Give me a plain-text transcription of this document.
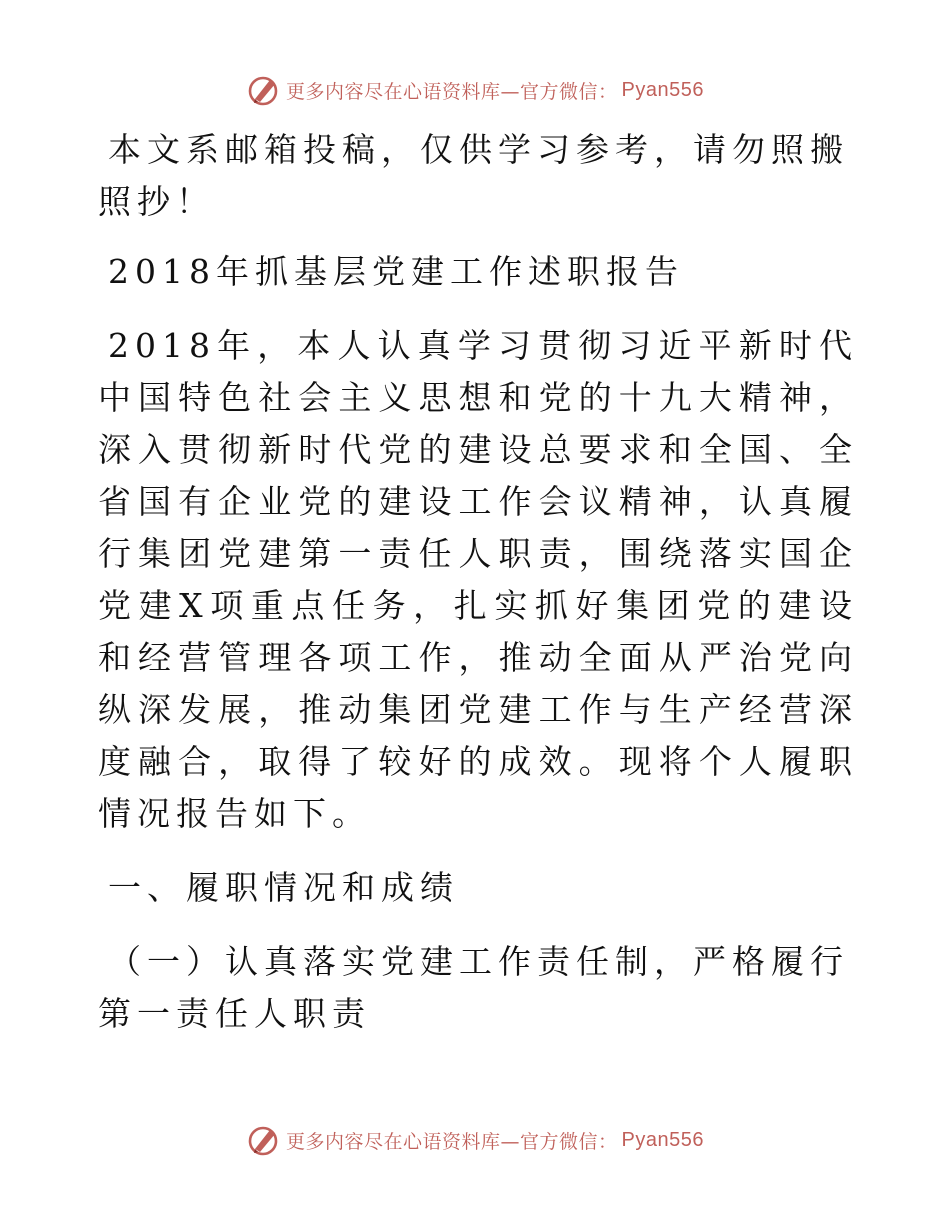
更多内容尽在心语资料库—官方微信： Pyan556

本文系邮箱投稿，仅供学习参考，请勿照搬照抄！

2018年抓基层党建工作述职报告

2018年，本人认真学习贯彻习近平新时代中国特色社会主义思想和党的十九大精神，深入贯彻新时代党的建设总要求和全国、全省国有企业党的建设工作会议精神，认真履行集团党建第一责任人职责，围绕落实国企党建X项重点任务，扎实抓好集团党的建设和经营管理各项工作，推动全面从严治党向纵深发展，推动集团党建工作与生产经营深度融合，取得了较好的成效。现将个人履职情况报告如下。

一、履职情况和成绩

（一）认真落实党建工作责任制，严格履行第一责任人职责

更多内容尽在心语资料库—官方微信： Pyan556
